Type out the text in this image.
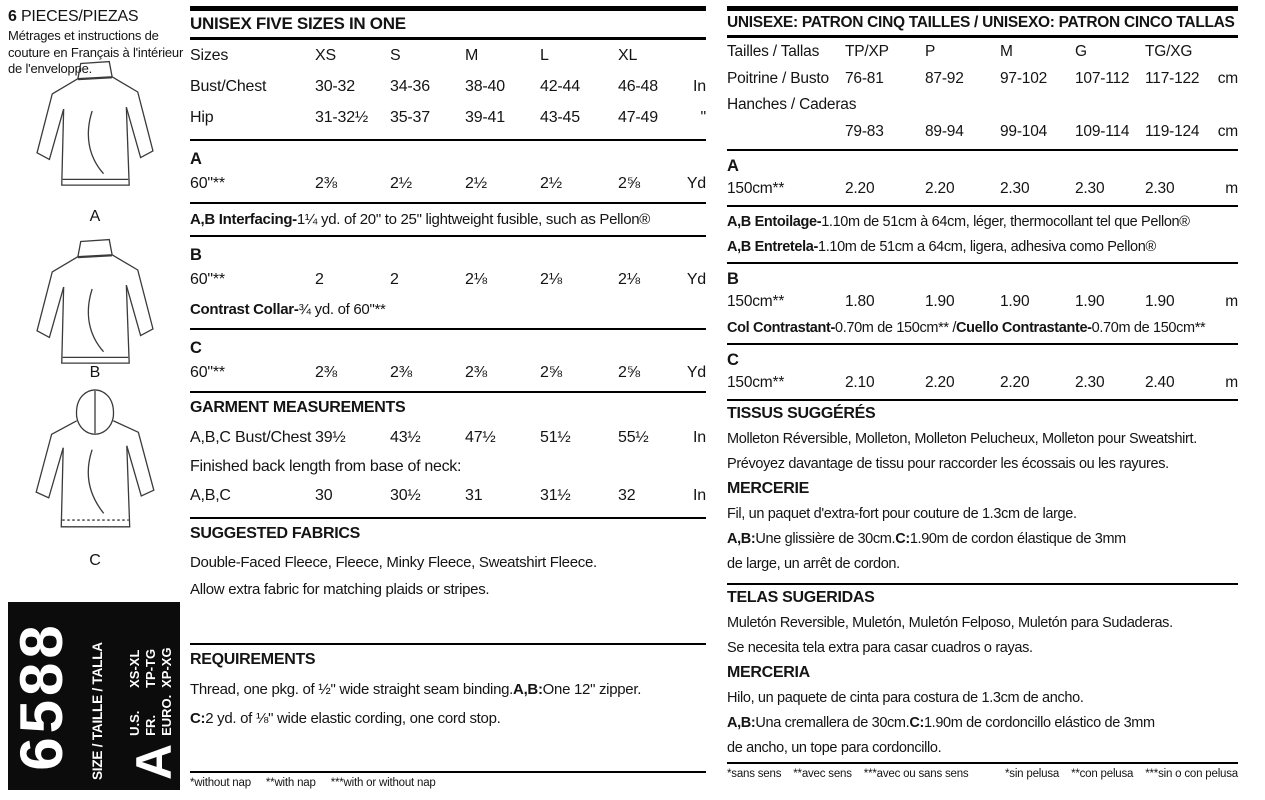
6 PIECES/PIEZAS

Métrages et instructions de couture en Français à l'intérieur de l'enveloppe.

A
B
C
6588 SIZE / TAILLE / TALLA A
U.S.
XS-XL
FR.
TP-TG
EURO.
XP-XG
UNISEX FIVE SIZES IN ONE
Sizes	XS	S	M	L	XL
Bust/Chest	30-32	34-36	38-40	42-44	46-48	In
Hip	31-32½	35-37	39-41	43-45	47-49	"
A
60"**	2⅜	2½	2½	2½	2⅝	Yd
A,B Interfacing- 1¼ yd. of 20" to 25" lightweight fusible, such as Pellon®
B
60"**	2	2	2⅛	2⅛	2⅛	Yd
Contrast Collar- ¾ yd. of 60"**
C
60"**	2⅜	2⅜	2⅜	2⅝	2⅝	Yd
GARMENT MEASUREMENTS
A,B,C Bust/Chest 39½	43½	47½	51½	55½	In
Finished back length from base of neck:
A,B,C	30	30½	31	31½	32	In
SUGGESTED FABRICS
Double-Faced Fleece, Fleece, Minky Fleece, Sweatshirt Fleece.
Allow extra fabric for matching plaids or stripes.
REQUIREMENTS
Thread, one pkg. of ½" wide straight seam binding. A,B: One 12" zipper.
C: 2 yd. of ⅛" wide elastic cording, one cord stop.
*without nap **with nap ***with or without nap
UNISEXE: PATRON CINQ TAILLES / UNISEXO: PATRON CINCO TALLAS
Tailles / Tallas	TP/XP	P	M	G	TG/XG
Poitrine / Busto	76-81	87-92	97-102	107-112	117-122	cm
Hanches / Caderas
79-83	89-94	99-104	109-114	119-124	cm
A
150cm**	2.20	2.20	2.30	2.30	2.30	m
A,B Entoilage- 1.10m de 51cm à 64cm, léger, thermocollant tel que Pellon®
A,B Entretela- 1.10m de 51cm a 64cm, ligera, adhesiva como Pellon®
B
150cm**	1.80	1.90	1.90	1.90	1.90	m
Col Contrastant- 0.70m de 150cm** / Cuello Contrastante- 0.70m de 150cm**
C
150cm**	2.10	2.20	2.20	2.30	2.40	m
TISSUS SUGGÉRÉS
Molleton Réversible, Molleton, Molleton Pelucheux, Molleton pour Sweatshirt.
Prévoyez davantage de tissu pour raccorder les écossais ou les rayures.
MERCERIE
Fil, un paquet d'extra-fort pour couture de 1.3cm de large.
A,B: Une glissière de 30cm. C: 1.90m de cordon élastique de 3mm
de large, un arrêt de cordon.
TELAS SUGERIDAS
Muletón Reversible, Muletón, Muletón Felposo, Muletón para Sudaderas.
Se necesita tela extra para casar cuadros o rayas.
MERCERIA
Hilo, un paquete de cinta para costura de 1.3cm de ancho.
A,B: Una cremallera de 30cm. C: 1.90m de cordoncillo elástico de 3mm
de ancho, un tope para cordoncillo.
*sans sens **avec sens ***avec ou sans sens	*sin pelusa **con pelusa ***sin o con pelusa
